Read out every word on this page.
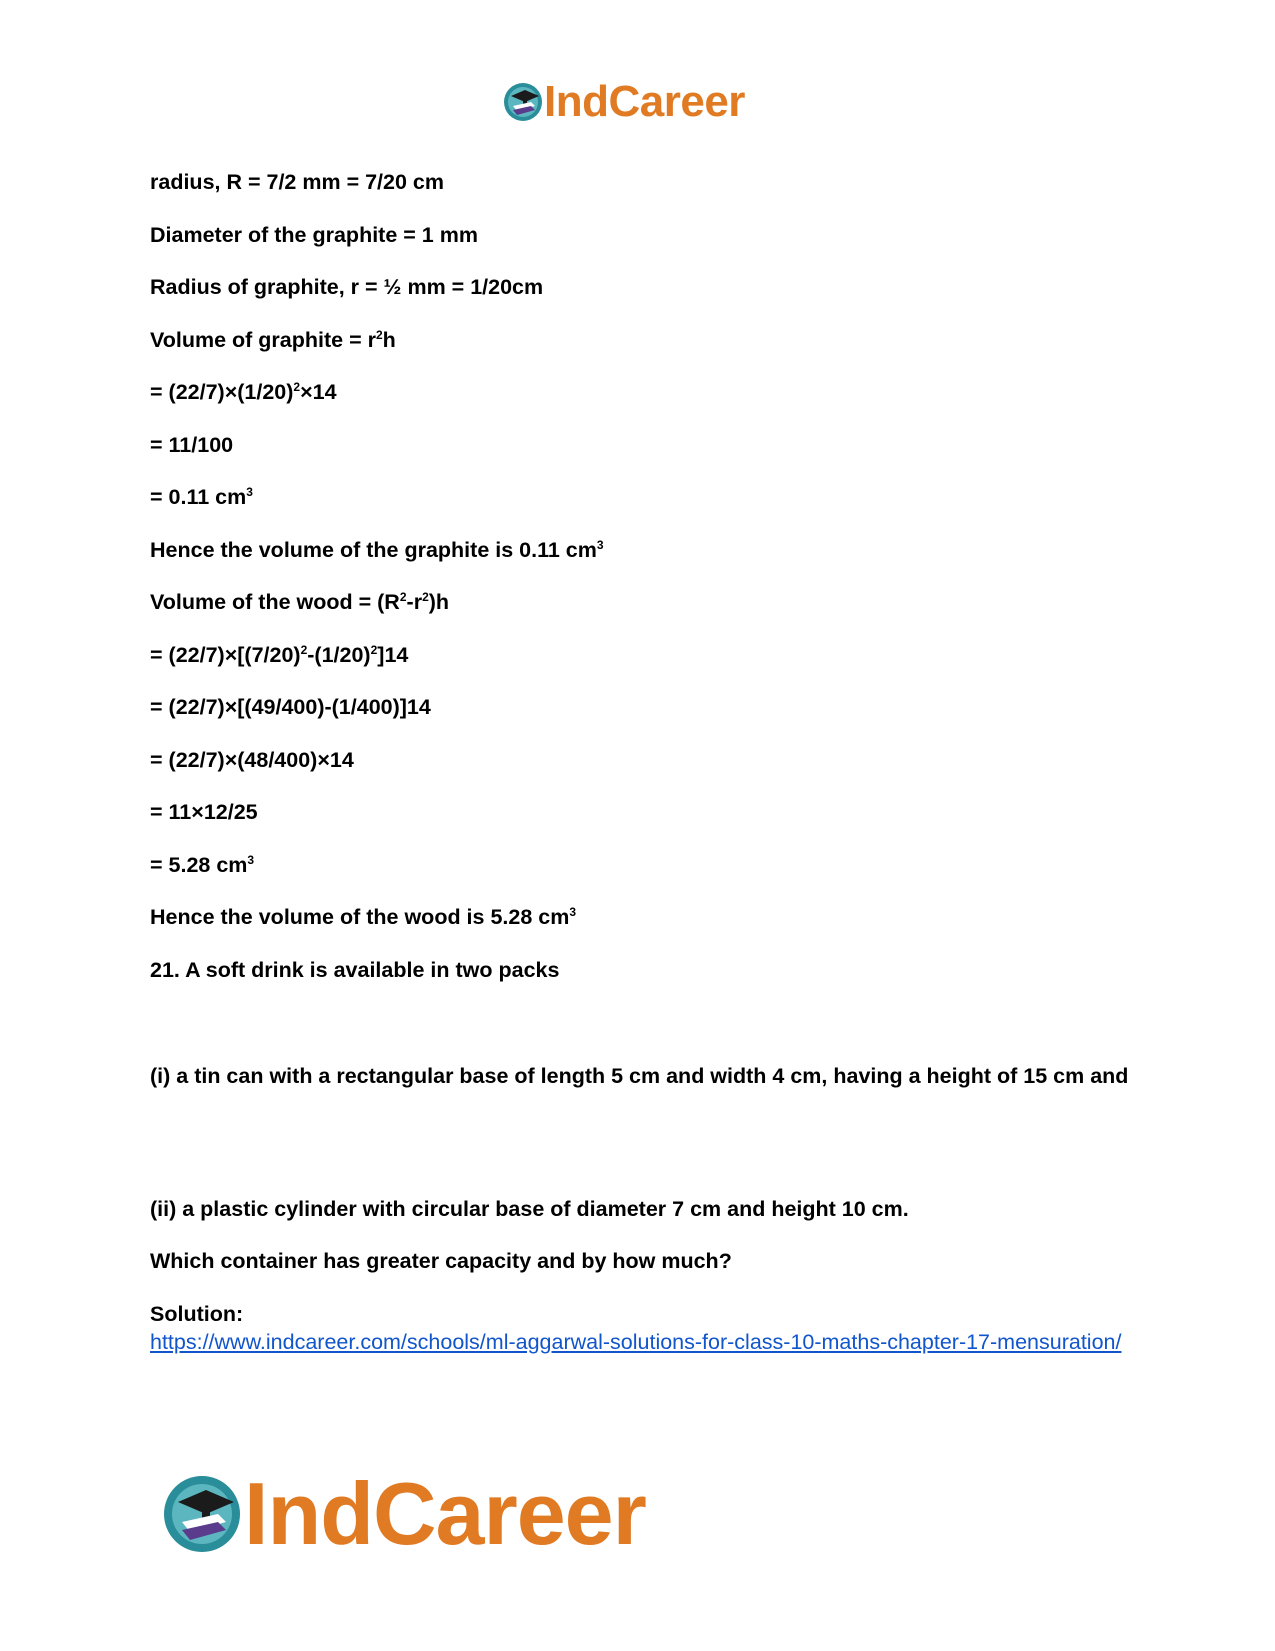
IndCareer
radius, R = 7/2 mm = 7/20 cm
Diameter of the graphite = 1 mm
Radius of graphite, r = ½ mm = 1/20cm
Volume of graphite = $r^2h$
= $(22/7)\times(1/20)^2\times 14$
= 11/100
= 0.11 $cm^3$
Hence the volume of the graphite is 0.11 $cm^3$
Volume of the wood = $(R^2-r^2)h$
= $(22/7)\times[(7/20)^2-(1/20)^2]14$
= (22/7)×[(49/400)-(1/400)]14
= (22/7)×(48/400)×14
= 11×12/25
= 5.28 $cm^3$
Hence the volume of the wood is 5.28 $cm^3$
21. A soft drink is available in two packs
(i) a tin can with a rectangular base of length 5 cm and width 4 cm, having a height of 15 cm and
(ii) a plastic cylinder with circular base of diameter 7 cm and height 10 cm.
Which container has greater capacity and by how much?
Solution:
https://www.indcareer.com/schools/ml-aggarwal-solutions-for-class-10-maths-chapter-17-mensuration/
IndCareer
